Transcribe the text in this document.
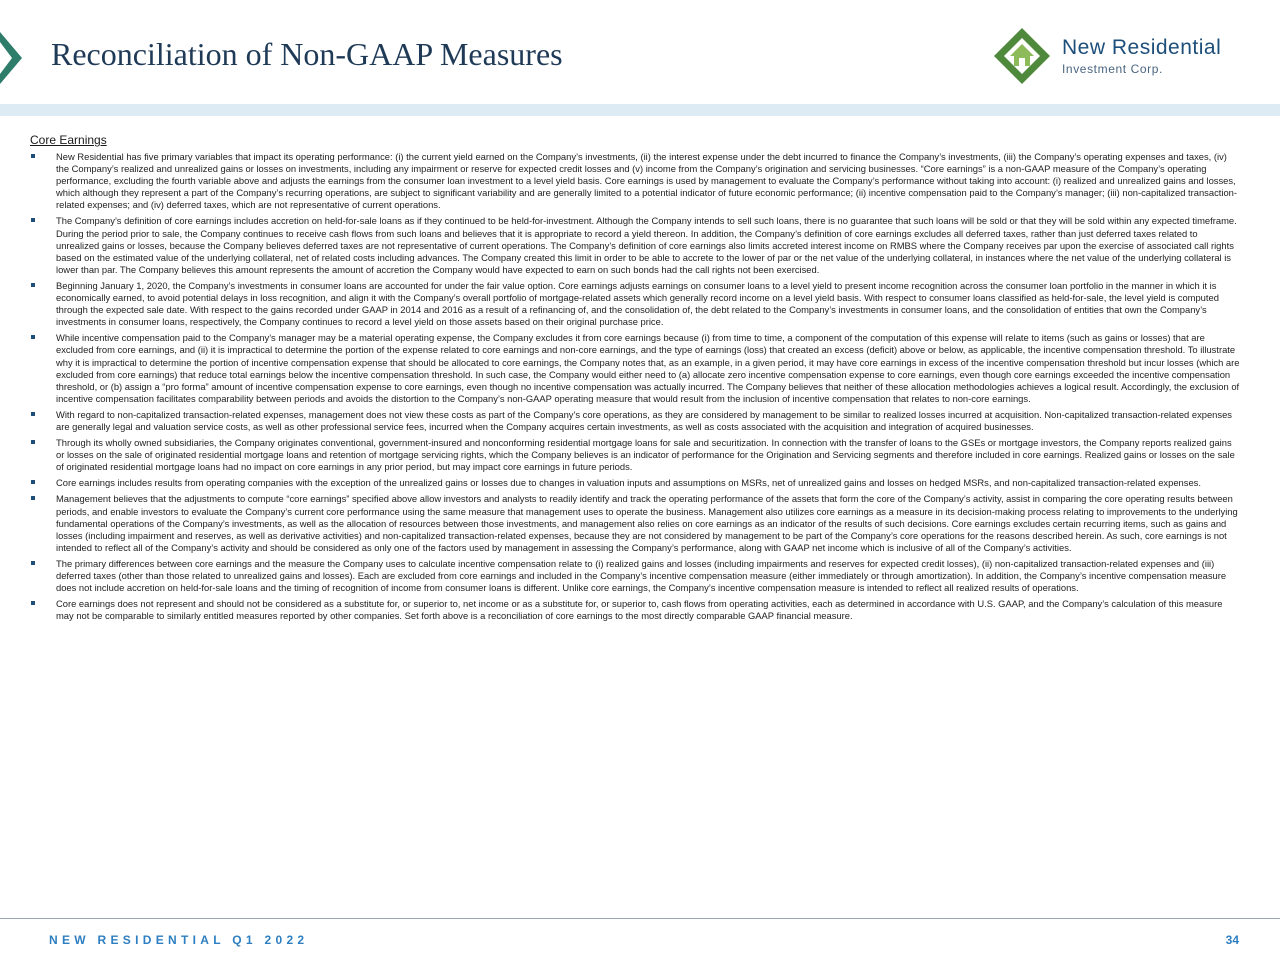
Reconciliation of Non-GAAP Measures	New Residential
Investment Corp.
Core Earnings
New Residential has five primary variables that impact its operating performance: (i) the current yield earned on the Company’s investments, (ii) the interest expense under the debt incurred to finance the Company’s investments, (iii) the Company’s operating expenses and taxes, (iv) the Company’s realized and unrealized gains or losses on investments, including any impairment or reserve for expected credit losses and (v) income from the Company’s origination and servicing businesses. “Core earnings” is a non-GAAP measure of the Company’s operating performance, excluding the fourth variable above and adjusts the earnings from the consumer loan investment to a level yield basis. Core earnings is used by management to evaluate the Company’s performance without taking into account: (i) realized and unrealized gains and losses, which although they represent a part of the Company’s recurring operations, are subject to significant variability and are generally limited to a potential indicator of future economic performance; (ii) incentive compensation paid to the Company’s manager; (iii) non-capitalized transaction-related expenses; and (iv) deferred taxes, which are not representative of current operations.
The Company’s definition of core earnings includes accretion on held-for-sale loans as if they continued to be held-for-investment. Although the Company intends to sell such loans, there is no guarantee that such loans will be sold or that they will be sold within any expected timeframe. During the period prior to sale, the Company continues to receive cash flows from such loans and believes that it is appropriate to record a yield thereon. In addition, the Company’s definition of core earnings excludes all deferred taxes, rather than just deferred taxes related to unrealized gains or losses, because the Company believes deferred taxes are not representative of current operations. The Company’s definition of core earnings also limits accreted interest income on RMBS where the Company receives par upon the exercise of associated call rights based on the estimated value of the underlying collateral, net of related costs including advances. The Company created this limit in order to be able to accrete to the lower of par or the net value of the underlying collateral, in instances where the net value of the underlying collateral is lower than par. The Company believes this amount represents the amount of accretion the Company would have expected to earn on such bonds had the call rights not been exercised.
Beginning January 1, 2020, the Company’s investments in consumer loans are accounted for under the fair value option. Core earnings adjusts earnings on consumer loans to a level yield to present income recognition across the consumer loan portfolio in the manner in which it is economically earned, to avoid potential delays in loss recognition, and align it with the Company’s overall portfolio of mortgage-related assets which generally record income on a level yield basis. With respect to consumer loans classified as held-for-sale, the level yield is computed through the expected sale date. With respect to the gains recorded under GAAP in 2014 and 2016 as a result of a refinancing of, and the consolidation of, the debt related to the Company’s investments in consumer loans, and the consolidation of entities that own the Company’s investments in consumer loans, respectively, the Company continues to record a level yield on those assets based on their original purchase price.
While incentive compensation paid to the Company’s manager may be a material operating expense, the Company excludes it from core earnings because (i) from time to time, a component of the computation of this expense will relate to items (such as gains or losses) that are excluded from core earnings, and (ii) it is impractical to determine the portion of the expense related to core earnings and non-core earnings, and the type of earnings (loss) that created an excess (deficit) above or below, as applicable, the incentive compensation threshold. To illustrate why it is impractical to determine the portion of incentive compensation expense that should be allocated to core earnings, the Company notes that, as an example, in a given period, it may have core earnings in excess of the incentive compensation threshold but incur losses (which are excluded from core earnings) that reduce total earnings below the incentive compensation threshold. In such case, the Company would either need to (a) allocate zero incentive compensation expense to core earnings, even though core earnings exceeded the incentive compensation threshold, or (b) assign a “pro forma” amount of incentive compensation expense to core earnings, even though no incentive compensation was actually incurred. The Company believes that neither of these allocation methodologies achieves a logical result. Accordingly, the exclusion of incentive compensation facilitates comparability between periods and avoids the distortion to the Company’s non-GAAP operating measure that would result from the inclusion of incentive compensation that relates to non-core earnings.
With regard to non-capitalized transaction-related expenses, management does not view these costs as part of the Company’s core operations, as they are considered by management to be similar to realized losses incurred at acquisition. Non-capitalized transaction-related expenses are generally legal and valuation service costs, as well as other professional service fees, incurred when the Company acquires certain investments, as well as costs associated with the acquisition and integration of acquired businesses.
Through its wholly owned subsidiaries, the Company originates conventional, government-insured and nonconforming residential mortgage loans for sale and securitization. In connection with the transfer of loans to the GSEs or mortgage investors, the Company reports realized gains or losses on the sale of originated residential mortgage loans and retention of mortgage servicing rights, which the Company believes is an indicator of performance for the Origination and Servicing segments and therefore included in core earnings. Realized gains or losses on the sale of originated residential mortgage loans had no impact on core earnings in any prior period, but may impact core earnings in future periods.
Core earnings includes results from operating companies with the exception of the unrealized gains or losses due to changes in valuation inputs and assumptions on MSRs, net of unrealized gains and losses on hedged MSRs, and non-capitalized transaction-related expenses.
Management believes that the adjustments to compute “core earnings” specified above allow investors and analysts to readily identify and track the operating performance of the assets that form the core of the Company’s activity, assist in comparing the core operating results between periods, and enable investors to evaluate the Company’s current core performance using the same measure that management uses to operate the business. Management also utilizes core earnings as a measure in its decision-making process relating to improvements to the underlying fundamental operations of the Company’s investments, as well as the allocation of resources between those investments, and management also relies on core earnings as an indicator of the results of such decisions. Core earnings excludes certain recurring items, such as gains and losses (including impairment and reserves, as well as derivative activities) and non-capitalized transaction-related expenses, because they are not considered by management to be part of the Company’s core operations for the reasons described herein. As such, core earnings is not intended to reflect all of the Company’s activity and should be considered as only one of the factors used by management in assessing the Company’s performance, along with GAAP net income which is inclusive of all of the Company’s activities.
The primary differences between core earnings and the measure the Company uses to calculate incentive compensation relate to (i) realized gains and losses (including impairments and reserves for expected credit losses), (ii) non-capitalized transaction-related expenses and (iii) deferred taxes (other than those related to unrealized gains and losses). Each are excluded from core earnings and included in the Company’s incentive compensation measure (either immediately or through amortization). In addition, the Company’s incentive compensation measure does not include accretion on held-for-sale loans and the timing of recognition of income from consumer loans is different. Unlike core earnings, the Company’s incentive compensation measure is intended to reflect all realized results of operations.
Core earnings does not represent and should not be considered as a substitute for, or superior to, net income or as a substitute for, or superior to, cash flows from operating activities, each as determined in accordance with U.S. GAAP, and the Company’s calculation of this measure may not be comparable to similarly entitled measures reported by other companies. Set forth above is a reconciliation of core earnings to the most directly comparable GAAP financial measure.
NEW RESIDENTIAL Q1 2022	34
